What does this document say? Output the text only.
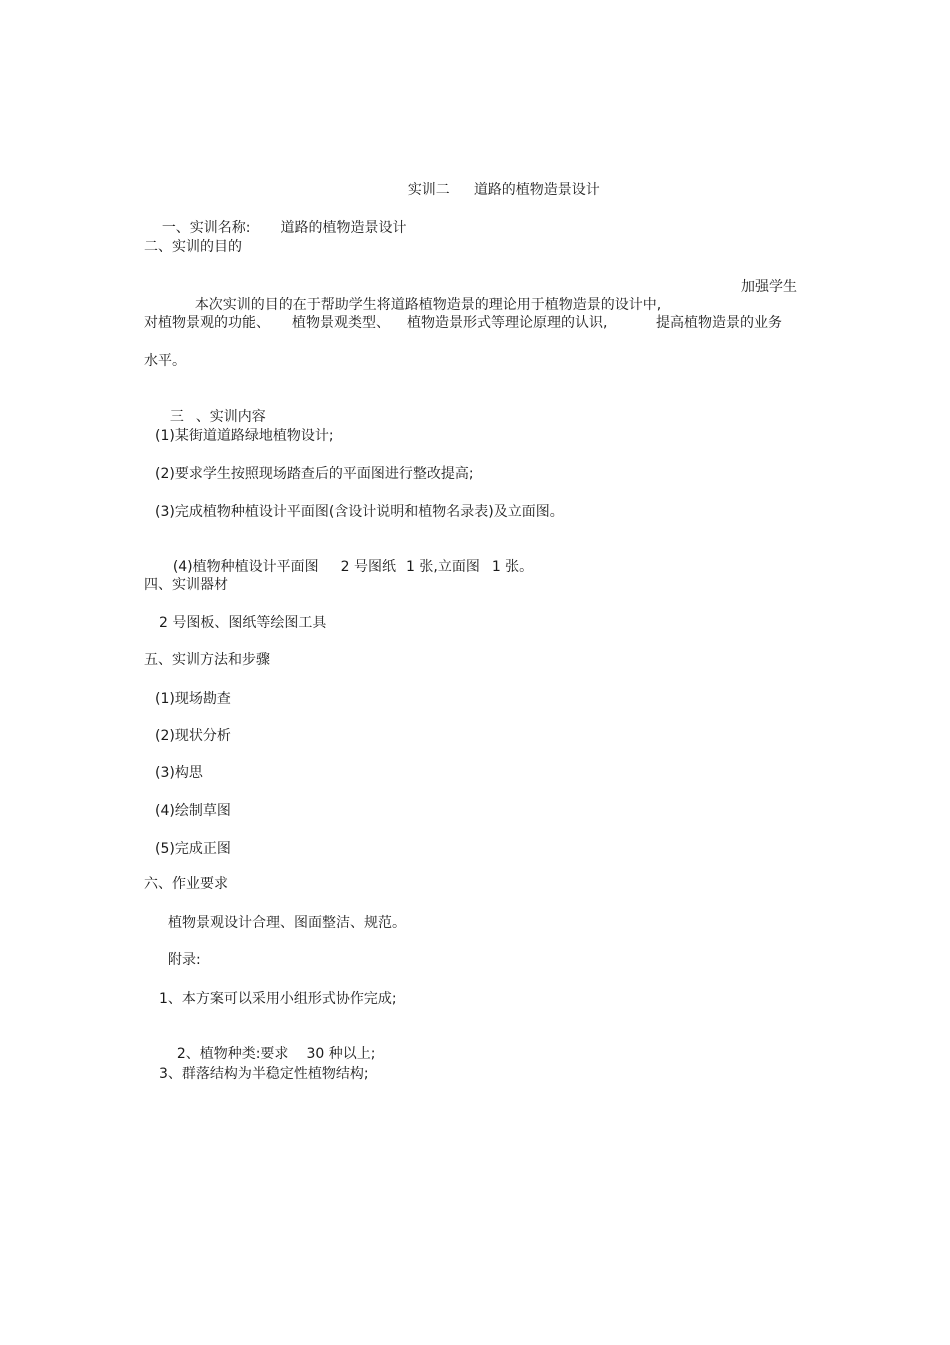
实训二 道路的植物造景设计

一、实训名称: 道路的植物造景设计

二、实训的目的

本次实训的目的在于帮助学生将道路植物造景的理论用于植物造景的设计中,

加强学生
对植物景观的功能、 植物景观类型、 植物造景形式等理论原理的认识,	提高植物造景的业务
水平。

三 、实训内容

(1)某街道道路绿地植物设计;
(2)要求学生按照现场踏查后的平面图进行整改提高;
(3)完成植物种植设计平面图(含设计说明和植物名录表)及立面图。

(4)植物种植设计平面图 2 号图纸 1 张,立面图 1 张。

四、实训器材
2 号图板、图纸等绘图工具
五、实训方法和步骤
(1)现场勘查
(2)现状分析
(3)构思
(4)绘制草图
(5)完成正图
六、作业要求
植物景观设计合理、图面整洁、规范。
附录:
1、本方案可以采用小组形式协作完成;

2、植物种类:要求 30 种以上;

3、群落结构为半稳定性植物结构;
